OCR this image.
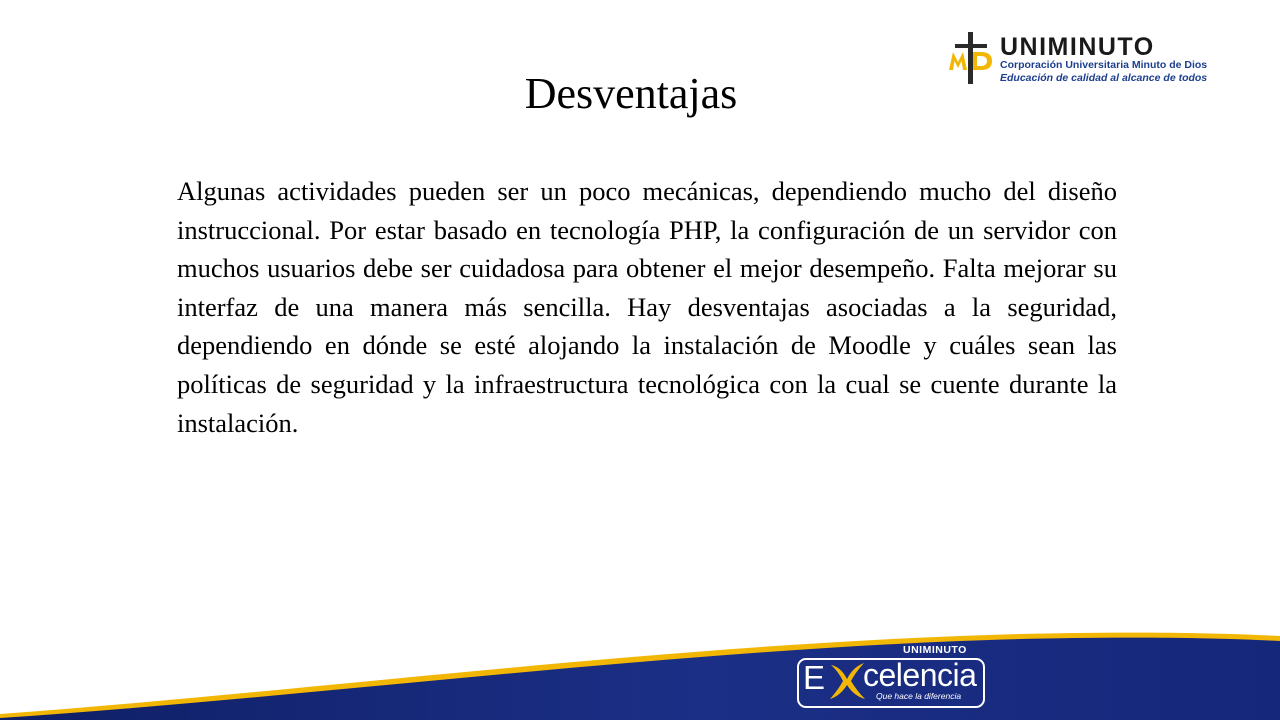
UNIMINUTO
Corporación Universitaria Minuto de Dios
Educación de calidad al alcance de todos
Desventajas
Algunas actividades pueden ser un poco mecánicas, dependiendo mucho del diseño instruccional. Por estar basado en tecnología PHP, la configuración de un servidor con muchos usuarios debe ser cuidadosa para obtener el mejor desempeño. Falta mejorar su interfaz de una manera más sencilla. Hay desventajas asociadas a la seguridad, dependiendo en dónde se esté alojando la instalación de Moodle y cuáles sean las políticas de seguridad y la infraestructura tecnológica con la cual se cuente durante la instalación.
UNIMINUTO
E celencia
Que hace la diferencia
